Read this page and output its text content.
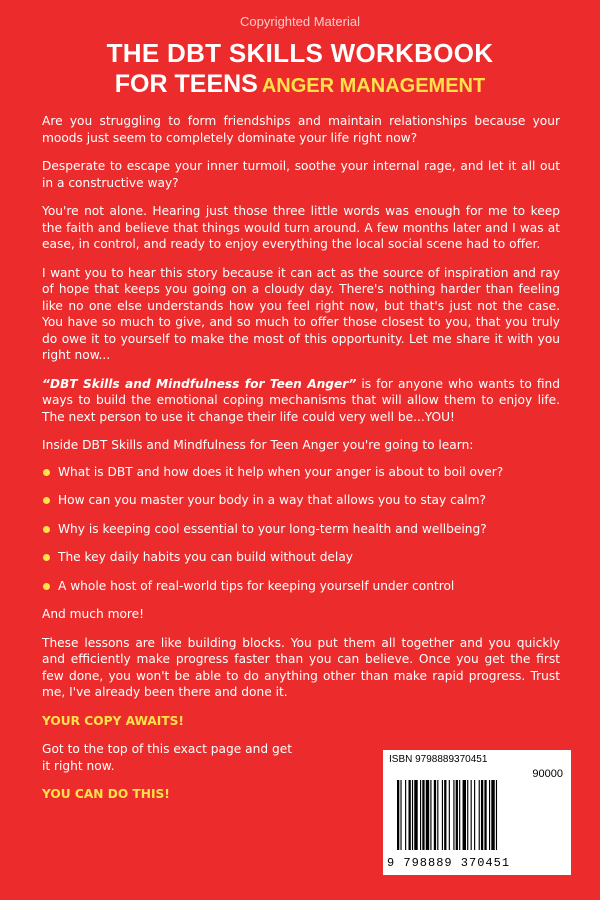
Copyrighted Material
THE DBT SKILLS WORKBOOK
FOR TEENS ANGER MANAGEMENT

Are you struggling to form friendships and maintain relationships because your moods just seem to completely dominate your life right now?

Desperate to escape your inner turmoil, soothe your internal rage, and let it all out in a constructive way?

You're not alone. Hearing just those three little words was enough for me to keep the faith and believe that things would turn around. A few months later and I was at ease, in control, and ready to enjoy everything the local social scene had to offer.

I want you to hear this story because it can act as the source of inspiration and ray of hope that keeps you going on a cloudy day. There's nothing harder than feeling like no one else understands how you feel right now, but that's just not the case. You have so much to give, and so much to offer those closest to you, that you truly do owe it to yourself to make the most of this opportunity. Let me share it with you right now...

“DBT Skills and Mindfulness for Teen Anger” is for anyone who wants to find ways to build the emotional coping mechanisms that will allow them to enjoy life. The next person to use it change their life could very well be...YOU!

Inside DBT Skills and Mindfulness for Teen Anger you're going to learn:

What is DBT and how does it help when your anger is about to boil over?
How can you master your body in a way that allows you to stay calm?
Why is keeping cool essential to your long-term health and wellbeing?
The key daily habits you can build without delay
A whole host of real-world tips for keeping yourself under control

And much more!

These lessons are like building blocks. You put them all together and you quickly and efficiently make progress faster than you can believe. Once you get the first few done, you won't be able to do anything other than make rapid progress. Trust me, I've already been there and done it.

YOUR COPY AWAITS!

Got to the top of this exact page and get it right now.

YOU CAN DO THIS!

ISBN 9798889370451
90000
9 798889 370451
